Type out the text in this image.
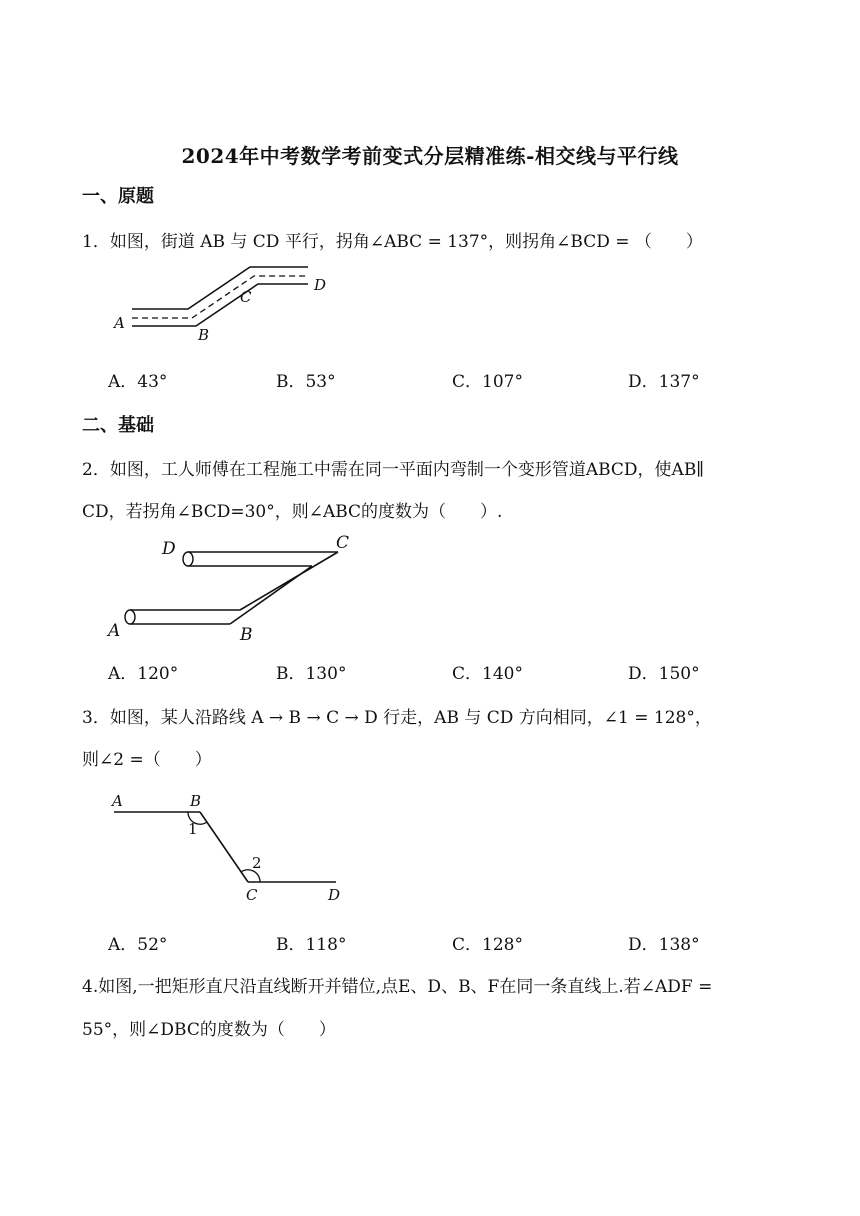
2024年中考数学考前变式分层精准练-相交线与平行线
一、原题
1．如图，街道 AB 与 CD 平行，拐角∠ABC = 137°，则拐角∠BCD = （　　）
A
B
C
D
A．43°	B．53°	C．107°	D．137°
二、基础
2．如图，工人师傅在工程施工中需在同一平面内弯制一个变形管道ABCD，使AB∥
CD，若拐角∠BCD=30°，则∠ABC的度数为（　　）.
A	B
C
D
A．120°	B．130°	C．140°	D．150°
3．如图，某人沿路线 A → B → C → D 行走，AB 与 CD 方向相同，∠1 = 128°，
则∠2 =（　　）
A	B
C	D
1
2
A．52°	B．118°	C．128°	D．138°
4.如图,一把矩形直尺沿直线断开并错位,点E、D、B、F在同一条直线上.若∠ADF =
55°，则∠DBC的度数为（　　）
